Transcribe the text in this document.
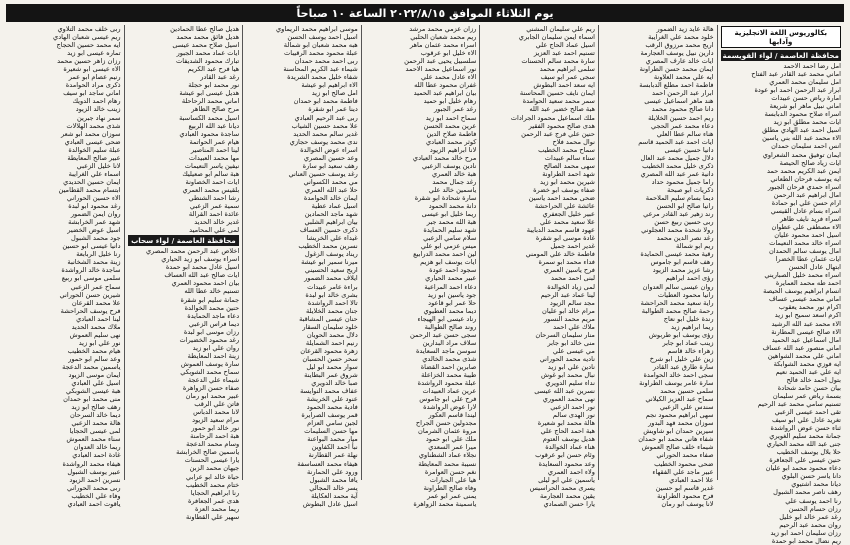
يوم الثلاثاء الموافق ٢٠٢٢/٨/١٥ الساعة ١٠ صباحاً
بكالوريوس اللغة الانجليزية وآدابها
محافظة العاصمة / لواء القويسمة
امل رضا احمد الاحمد
اماني محمد عبد القادر عبد الفتاح
امل سليمان محمد العمري
ابرار عبد الرحمن احمد ابو عودة
امارة رياض حسن عبيدات
اماني نبيل ماهر ابو شريعة
اسراء صلاح محمود الدبابسة
ايات محمد مطلق ابو زيد
اسيل احمد عبد الهادي مطلق
الاء محمد عبد الله بني ياسين
انس احمد سليمان حمدان
ايمان توفيق محمد الشعراوي
ايات زياد صالح الحيصة
ايمن عبد الكريم محمد حمد
ايه يوسف فرحان الطعاني
اسراء حمدي فرحان الجبور
امال ابراهيم عبد الرحمن
ارام حسن علي ابو حمادة
اسراء بسام عادل القيسي
اسراء فريد نايف ظاهر
الاء مصطفى علي عطوان
اسيل احمد محمود عليان
اسراء خالد محمد النعيمات
امال يوسف سالم الحمدان
ايات عثمان عطا الخضرا
ابتهال عادل الحسن
اسراء محمد خليل الصباريني
احمد طه محمد العمايرة
انسام ابراهيم يوسف الحيصة
اماني محمد عيسى عساف
اكرام نور محمد يعقوب
اكرم اسعد سميح ابو زيد
الاء محمد عبد الله الرشيد
الاء صالح عيسى المطارنة
امال اسماعيل عبد الحميد
اماني منصور عبد الله عساف
اماني علي محمد الشواهين
ايه فوزي محمد الشوابكة
ايه علي عبد الحميد نعيم
بتول احمد خالد فالح
بيان حسن حامد شحادة
بسمة رياض عمر سليمان
تسنيم سامي محمد عبد الرحيم
تقى احمد عيسى الزعبي
تغريد عادل علي ابو سيف
ثناء حسن عوض الرواشدة
جمانة محمد سليم الغويري
جنى عبد الله محمد الحياري
حلا بلال يوسف الخطيب
حنين عيسى علي الجعافرة
دعاء محمود محمد ابو عليان
دانا ياسر حسن البلوي
ديانا محمد اشتيوي
رهف ناصر محمد الشبول
رنا احمد يوسف علي
رزان حسام الحسن
رغد عمر خالد ابو خليل
روان محمد عبد الرحيم
رزان سليمان احمد ابو زيد
ريم نضال محمد ابو حمدة
هالة عايد زيد الضمور
خلود محمد علي الغرايبة
اريج محمد مرزوق الرقب
دارين نبيل يوسف العجارمة
ايات خالد عارف المصري
ايمان محمد حسن الطراونة
ايه علي محمد العلاونة
فاطمة احمد مطلع الدبابسة
ابرار عبد الرحمن احمد
هند ماهر اسماعيل عيسى
دانا صالح محمود محمد
ريم احمد حسين الخلايلة
دعاء محمد عمر الحجي
هناء سالم عطا العلي
ايات احمد عبد الحميد قاسم
دانيا حسين عيسى
دلال جميل محمد عبد العال
ذكرى خليل محمد الخطيب
دانية عمر عبد الله المصري
راما جميل محمود حداد
ذكريات ابو صبحة
ديما بسام سليم الملاحمة
رانيا صالح ابو الحسن
رند زهير عبد القادر مرعي
ربى حسين ربيع حسن
رولا شحدة محمد العجلوني
رغد نصر الدين محمد
ريم ابو شمالة
رقية محمد عيسى الحمايدة
رهف قاسم ابو جاموس
رشا عزيز محمد الزيود
رؤى احمد ابراهيم
روان عيسى سالم العدوان
رانيا محمود العطيات
راية سعيد محمد الحراحشة
رحمة صالح محمد الطوالبة
رندة خليل ابو نعاج
ريما ابراهيم زيد
رؤى يوسف ابو طربوش
زينب عماد ابو جابر
زهراء خالد قاسم
زين علي خليل ابو شرخ
سارة طارق عبد القادر
سجى احمد خالد الحوامدة
سارة عامر يوسف الطراونة
سلمى حسين محمد
سماح عبد العزيز الكيلاني
سندس علي الزعبي
سهى ابراهيم محمود نجم
سوزان محمد فهد البدور
سيرين حمدان ابو شاويش
شفاء هاني محمد ابو حمدان
شيماء خلف صالح العموش
صفاء محمد الحوراني
ضحى محمود الخطيب
عبير ماجد علي الفقهاء
علا احمد العبادي
غدير قاسم ابو حسين
فرح محمود الطراونة
لانا يوسف ابو رمان
ريم علي سليمان المشني
اسماء ايمن سليمان الجابري
اسيل عماد الحاج علي
تسنيم احمد عبد العزيز
سارة محمد سالم الحسنات
سلمى ابراهيم محمد
سجى عمر ابو سيف
ايه سعد احمد البطوش
ايمان نايف حسين المحاسنة
سمر محمد سعيد الحوامدة
هبة صالح خضير عبد الله
ملك اسماعيل محمود الجرادات
هدى صالح محمود الفقير
حنين علي فرج عبد الرحمن
نوال محمد فلاح
سماح محمد الخطيب
سناء سالم عبيدات
سهى محمد الصالح
شهد احمد الطراونة
شيرين محمد ابو زيد
صفاء يوسف ابو خضرة
ضحى محمد احمد ياسين
عائشة علي الحراحشة
عبير خليل الجعفري
علا سعيد محمد علي
عهود قاسم محمد الدبايبة
غادة موسى ابو شقرة
غدير احمد جميل
فاطمة خالد علي المومني
فداء محمد ابو سمرة
فرح ياسين العمري
لبنى احمد محمد
لمى زياد الخوالدة
لينا عماد عبد الرحيم
مجد سالم الزيود
مرام خالد ابو عليان
مريم محمد النسور
ملاك علي احمد
منار سليمان السرحان
منى خالد ابو جابر
مي عيسى علي
ناديه محمد الحوراني
نادين علي ابو زيد
نبال محمد ابو غوش
نداء سليم الدويري
نسرين عبد الله عيسى
نهى محمد العموري
نور احمد الزعبي
نور الهدى سالم
هالة محمد ابو شعيرة
هبة احمد الحاج علي
هديل يوسف العتوم
هناء عماد الخوالدة
وئام حسن ابو عرقوب
وعد محمود السعايدة
ولاء احمد العمري
ياسمين علي ابو ليلى
يسرى محمد الحراسيس
يقين محمد العجارمة
يارا حسن الصمادي
رزان عزمي محمد مرشد
ريم محمد شعبان الحلبي
اسراء محمد عثمان ماهر
الاء خليل ابو عرقوب
سلسبيل يحيى عبد الرحمن
نور اسماعيل محمد الاحمد
الاء عادل محمد علي
غفران محمود عطا الله
بيان ابراهيم عبد الحميد
رهام خليل ابو حميد
رغد عمر الجبور
سماح احمد ابو زيد
عرين محمد الحسن
فاطمة صلاح الدين
كوثر محمد العبادي
لانا ابراهيم الزيود
مرح خالد محمد العبادي
نادين يوسف الزعبي
هبة خالد العمري
رغد جمال محمد
ياسمين خالد علي
سارة شحادة ابو شقرة
دانة محمد الحمود
ريما خليل ابو عيسى
هبة الله محمد جبر
شهد سليم الحمايدة
سلام سامي الزعبي
ميس عزمي ابو علي
لين احمد محمد الدرابيع
ايات يوسف ابو هزيم
سجود احمد عودة
عبير محمد الحياري
دعاء احمد المراعية
جود ياسين ابو زيد
حلا عمر ابو قاعود
ديما محمد العطيوي
رناد عيسى ابو الهيجاء
روند صالح الطوالبة
سجى حسن عبد الرحمن
سلاف مراد البدارين
سوسن ماجد السعايدة
شذى محمد الخالدي
صابرين احمد القضاة
طيبة محمد الخزاعلة
عبلة محمود الرواشدة
عرين عماد العبيدات
فرح علي ابو جاموس
لارا عوض الرواشدة
ليندا قاسم العكور
مجدولين حسن الجراح
مروة عثمان الشرمان
ملك علي ابو حمود
ميرا عمر السعدي
نجلاء عماد الشطناوي
نسيبة محمد المعايطة
نغم حسن العوامرة
هيا علي الجبارات
وفاء صالح الطراونة
يمنى عمر ابو عمر
ياسمينة محمد الزواهرة
موسى ابراهيم محمد الريماوي
اسيل احمد يوسف الحسن
هبه محمد شعبان ابو شمالة
عبلة محمود محمد الرقيبات
ربى احمد محمد حمدان
شيماء عبد الكريم المحاسنة
شفاء خليل محمد الشريدة
الاء ابراهيم ابو عيشة
امل صالح ابو زيد
فاطمة محمد ابو حمدان
دينا عمر ابو شقرة
ربى عبد الرحيم العبادي
علا محمد حسين الشياب
غدير سالم محمد الحديد
ندى محمد يوسف حجازي
اسراء عوض الخوالدة
وعد حسين المصري
رهف سعيد ابو سارة
رغد يوسف حسين العناني
مي محمد الكسواني
حلا عبد الله العمري
ايمان خالد الحوامدة
اسيل عماد عطية
شهد ماجد الحمادين
بيان ابراهيم الشلبي
ذكرى حسين العساف
غيداء علي الخريشا
نسرين محمد الخطيب
ريناد يوسف الزغول
ميرنا سمير ابو عيشة
اريج سعيد الحسيني
ايلاف محمد الضمور
براءة عامر عبيدات
بشرى خالد ابو لبدة
تالا احمد الرواشدة
جنان محمد الخلايلة
حنان عيسى المشاقبة
خلود سليمان السقار
دلال محمد الحويان
رنيم احمد الشمايلة
زهرة محمود القرعان
سحر حسن الحسبان
سوار محمد ابو ليل
شروق عمر البطاينة
صبا خالد الدويري
عفاف محمد النوايسة
عنود علي الخريشة
فادية محمد الحمود
قمر يوسف الصرايرة
لجين سامي العزام
مها حسن السليمات
ميار محمد البواعنة
نبأ احمد الكفاوين
نهلة عمر القطارنة
هيفاء محمد العساسفة
ورود علي الحمارنة
يافا محمد الشبول
يسر خالد المجالي
آية محمد العكايلة
اسيل عادل البطوش
هديل صالح عطا الحمادين
هديل فائق محمد محمد
اسيل صلاح محمد عيسى
ايات عماد محمد الجبور
تبارك محمود الشديفات
هيا فرح عبد الكريم
رغد عبد القادر
نور محمد ابو حجلة
هديل عيسى ابو عيشة
اماني محمد الرحاحلة
مرح صالح الظاهر
اسيل محمد الكساسبة
ديانا عبد الله الربيع
ساجدة محمود العبادي
هيام عمر الحواتمة
لينا احمد المناصير
مها محمد العبيدات
نيفين ياسر النعيمات
هبة سالم ابو صعيليك
ايات احمد الخصاونة
بلقيس محمد العمري
رشا احمد الشنطي
سمية عمر الزعبي
عائدة احمد القرالة
غدير خالد الحديد
لمى علي المحاميد
محافظة العاصمة / لواء سحاب
اخلاص عبد الرحمن محمد المصري
اسراء يوسف ابو زيد الحياري
اسيل عادل محمد ابو حمدة
ايات صالح عبد الله العساف
بيان احمد محمود العمري
تسنيم خالد عطا الله
جمانة سليم ابو شقرة
حنين محمد الخوالدة
دعاء ماجد الحمايدة
ديما فراس الزعبي
رزان موسى ابو لبدة
رغد محمود الخضيرات
روان علي ابو زيد
زينة احمد المعايطة
سارة يوسف العموش
سماح محمد الشوبكي
شيماء علي الدعجة
صفاء حسن الزواهرة
عبير محمد ابو رمان
فاتن علي الرقب
لانا محمد الدباس
مرام سعيد الزيود
نور خالد ابو حمور
هبة احمد الرحامنة
وسام محمد الدعجة
ياسمين صالح الخرابشة
يارا عيسى الحسنات
جيهان محمد الزبن
حياة خالد ابو عرابي
ختام محمد الخطيب
رنا ابراهيم الحجايا
هدى عمر الجعافرة
ريما محمد العزة
سهير علي القطاونة
ربى خلف محمد التلاوي
ريم عيسى شعبان الهادي
ايه محمد حسين الحجاج
تماره عيسى ابو زيد
رزان زاهر حسين محمد
الاء عيسى ابو شعيرة
رنيم عصام ابو عمر
ذكرى مراد الحوامدة
اماني ساجد ابو سيف
رهام احمد الدويك
زينب خالد الزيود
سمر نهاد جبرين
شذى محمد الهلالات
سوزان محمد ابو شعر
ضحى عيسى العبادي
عبلة سليم الخوالدة
عبير صالح المعايطة
لانا خليل الزعبي
اسماء علي الغرايبة
ايمان حسين الحديدي
ابتسام محمد القطامين
الاء حسين الحوراني
رغد محمود ابو لبدة
روان ايمن الضمور
شهد عمر الخرابشة
اسيل عوض الخضير
جود محمد الشبول
دانيا عيسى ابو حسين
رنا خليل الربابعة
زينة محمد الشخانبة
ساجدة خالد الرواشدة
سلمى موسى ابو ربيع
سماح عمر الزعبي
شيرين حسن الحوراني
علا محمد القرعان
فرح يوسف الحراحشة
لينا احمد العبادي
ملاك محمد الحديد
نهى سليم العموش
نور علي ابو زيد
هيام محمد الخطيب
وعد سالم ابو حمور
ياسمين محمد الدعجة
ايمان موسى الزيود
اسيل علي العبادي
هبة عيسى الشوبكي
منى محمد ابو حمدان
رهف صالح ابو زيد
ديما خالد السرحان
هالة محمد الزعبي
لمى عيسى الحجايا
سناء محمد العموش
ريما خالد العدوان
غادة احمد العبادي
هيفاء محمد الرواشدة
عبير يوسف الشبول
نسرين احمد الزيود
ربى محمد الحوراني
وفاء علي الخطيب
ياقوت احمد العبادي
